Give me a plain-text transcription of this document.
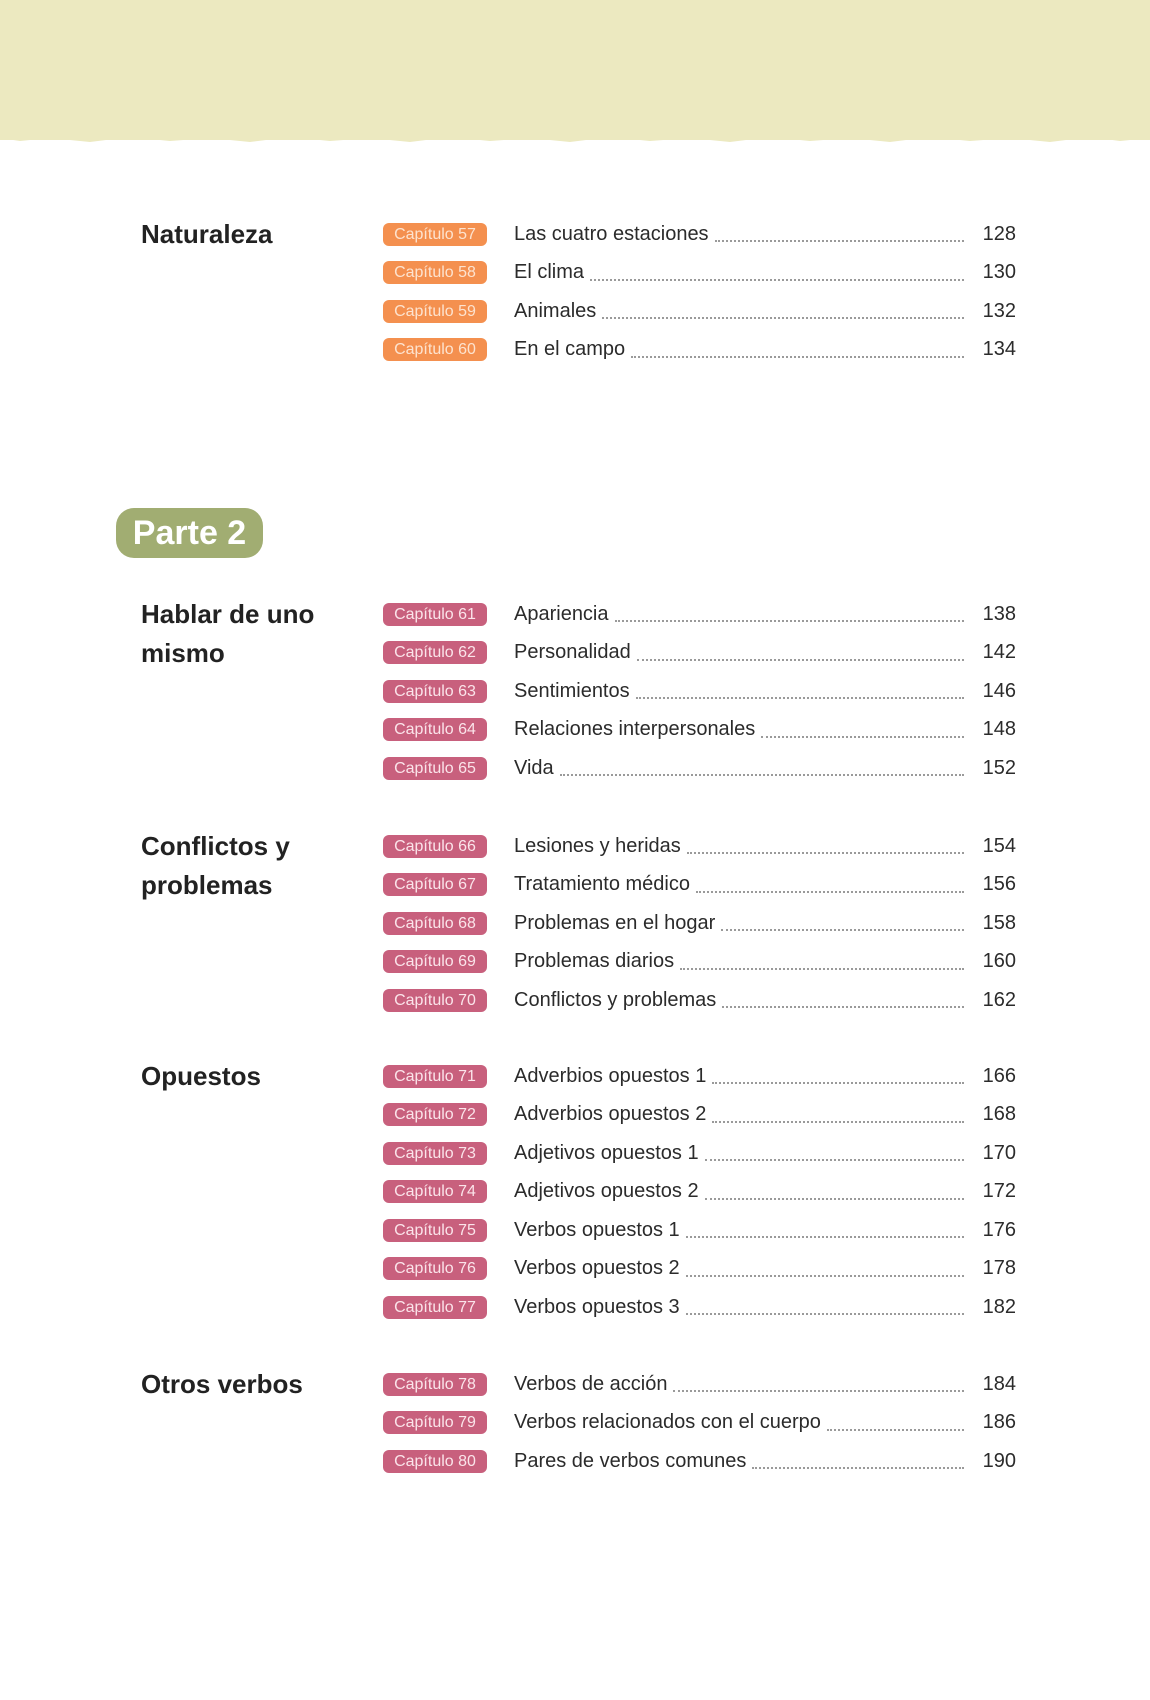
Naturaleza	Capítulo 57	Las cuatro estaciones	128
Capítulo 58	El clima	130
Capítulo 59	Animales	132
Capítulo 60	En el campo	134
Parte 2
Hablar de uno mismo
Capítulo 61	Apariencia	138
Capítulo 62	Personalidad	142
Capítulo 63	Sentimientos	146
Capítulo 64	Relaciones interpersonales	148
Capítulo 65	Vida	152
Conflictos y problemas
Capítulo 66	Lesiones y heridas	154
Capítulo 67	Tratamiento médico	156
Capítulo 68	Problemas en el hogar	158
Capítulo 69	Problemas diarios	160
Capítulo 70	Conflictos y problemas	162
Opuestos	Capítulo 71	Adverbios opuestos 1	166
Capítulo 72	Adverbios opuestos 2	168
Capítulo 73	Adjetivos opuestos 1	170
Capítulo 74	Adjetivos opuestos 2	172
Capítulo 75	Verbos opuestos 1	176
Capítulo 76	Verbos opuestos 2	178
Capítulo 77	Verbos opuestos 3	182
Otros verbos	Capítulo 78	Verbos de acción	184
Capítulo 79	Verbos relacionados con el cuerpo	186
Capítulo 80	Pares de verbos comunes	190
